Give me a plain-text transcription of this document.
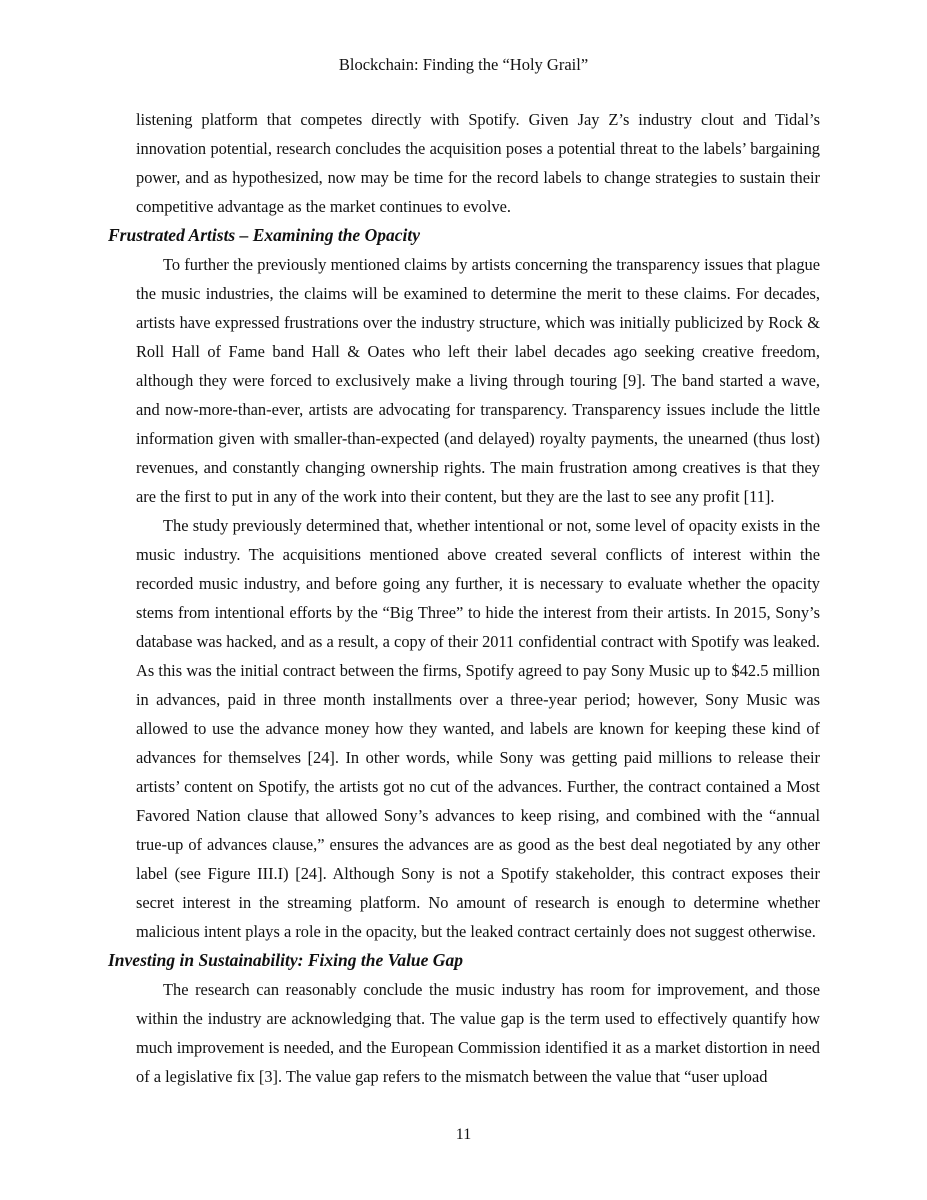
Blockchain: Finding the “Holy Grail”

listening platform that competes directly with Spotify. Given Jay Z’s industry clout and Tidal’s innovation potential, research concludes the acquisition poses a potential threat to the labels’ bargaining power, and as hypothesized, now may be time for the record labels to change strategies to sustain their competitive advantage as the market continues to evolve.

Frustrated Artists – Examining the Opacity

To further the previously mentioned claims by artists concerning the transparency issues that plague the music industries, the claims will be examined to determine the merit to these claims. For decades, artists have expressed frustrations over the industry structure, which was initially publicized by Rock & Roll Hall of Fame band Hall & Oates who left their label decades ago seeking creative freedom, although they were forced to exclusively make a living through touring [9]. The band started a wave, and now-more-than-ever, artists are advocating for transparency. Transparency issues include the little information given with smaller-than-expected (and delayed) royalty payments, the unearned (thus lost) revenues, and constantly changing ownership rights. The main frustration among creatives is that they are the first to put in any of the work into their content, but they are the last to see any profit [11].

The study previously determined that, whether intentional or not, some level of opacity exists in the music industry. The acquisitions mentioned above created several conflicts of interest within the recorded music industry, and before going any further, it is necessary to evaluate whether the opacity stems from intentional efforts by the “Big Three” to hide the interest from their artists. In 2015, Sony’s database was hacked, and as a result, a copy of their 2011 confidential contract with Spotify was leaked. As this was the initial contract between the firms, Spotify agreed to pay Sony Music up to $42.5 million in advances, paid in three month installments over a three-year period; however, Sony Music was allowed to use the advance money how they wanted, and labels are known for keeping these kind of advances for themselves [24]. In other words, while Sony was getting paid millions to release their artists’ content on Spotify, the artists got no cut of the advances. Further, the contract contained a Most Favored Nation clause that allowed Sony’s advances to keep rising, and combined with the “annual true-up of advances clause,” ensures the advances are as good as the best deal negotiated by any other label (see Figure III.I) [24]. Although Sony is not a Spotify stakeholder, this contract exposes their secret interest in the streaming platform. No amount of research is enough to determine whether malicious intent plays a role in the opacity, but the leaked contract certainly does not suggest otherwise.

Investing in Sustainability: Fixing the Value Gap

The research can reasonably conclude the music industry has room for improvement, and those within the industry are acknowledging that. The value gap is the term used to effectively quantify how much improvement is needed, and the European Commission identified it as a market distortion in need of a legislative fix [3]. The value gap refers to the mismatch between the value that “user upload

11
